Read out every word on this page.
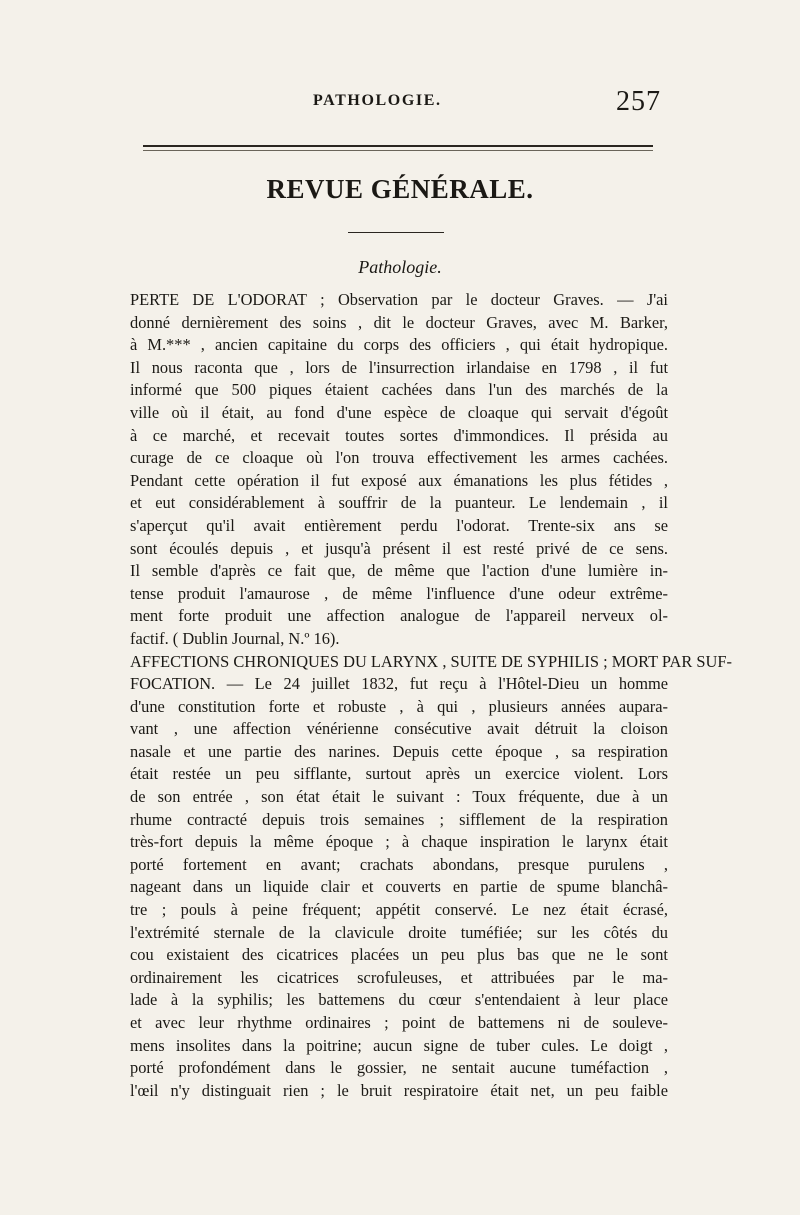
PATHOLOGIE.	257
REVUE GÉNÉRALE.
Pathologie.
PERTE DE L'ODORAT ; Observation par le docteur Graves. — J'ai
donné dernièrement des soins , dit le docteur Graves, avec M. Barker,
à M.*** , ancien capitaine du corps des officiers , qui était hydropique.
Il nous raconta que , lors de l'insurrection irlandaise en 1798 , il fut
informé que 500 piques étaient cachées dans l'un des marchés de la
ville où il était, au fond d'une espèce de cloaque qui servait d'égoût
à ce marché, et recevait toutes sortes d'immondices. Il présida au
curage de ce cloaque où l'on trouva effectivement les armes cachées.
Pendant cette opération il fut exposé aux émanations les plus fétides ,
et eut considérablement à souffrir de la puanteur. Le lendemain , il
s'aperçut qu'il avait entièrement perdu l'odorat. Trente-six ans se
sont écoulés depuis , et jusqu'à présent il est resté privé de ce sens.
Il semble d'après ce fait que, de même que l'action d'une lumière in-
tense produit l'amaurose , de même l'influence d'une odeur extrême-
ment forte produit une affection analogue de l'appareil nerveux ol-
factif. ( Dublin Journal, N.º 16).
AFFECTIONS CHRONIQUES DU LARYNX , SUITE DE SYPHILIS ; MORT PAR SUF-
FOCATION. — Le 24 juillet 1832, fut reçu à l'Hôtel-Dieu un homme
d'une constitution forte et robuste , à qui , plusieurs années aupara-
vant , une affection vénérienne consécutive avait détruit la cloison
nasale et une partie des narines. Depuis cette époque , sa respiration
était restée un peu sifflante, surtout après un exercice violent. Lors
de son entrée , son état était le suivant : Toux fréquente, due à un
rhume contracté depuis trois semaines ; sifflement de la respiration
très-fort depuis la même époque ; à chaque inspiration le larynx était
porté fortement en avant; crachats abondans, presque purulens ,
nageant dans un liquide clair et couverts en partie de spume blanchâ-
tre ; pouls à peine fréquent; appétit conservé. Le nez était écrasé,
l'extrémité sternale de la clavicule droite tuméfiée; sur les côtés du
cou existaient des cicatrices placées un peu plus bas que ne le sont
ordinairement les cicatrices scrofuleuses, et attribuées par le ma-
lade à la syphilis; les battemens du cœur s'entendaient à leur place
et avec leur rhythme ordinaires ; point de battemens ni de souleve-
mens insolites dans la poitrine; aucun signe de tuber cules. Le doigt ,
porté profondément dans le gossier, ne sentait aucune tuméfaction ,
l'œil n'y distinguait rien ; le bruit respiratoire était net, un peu faible
